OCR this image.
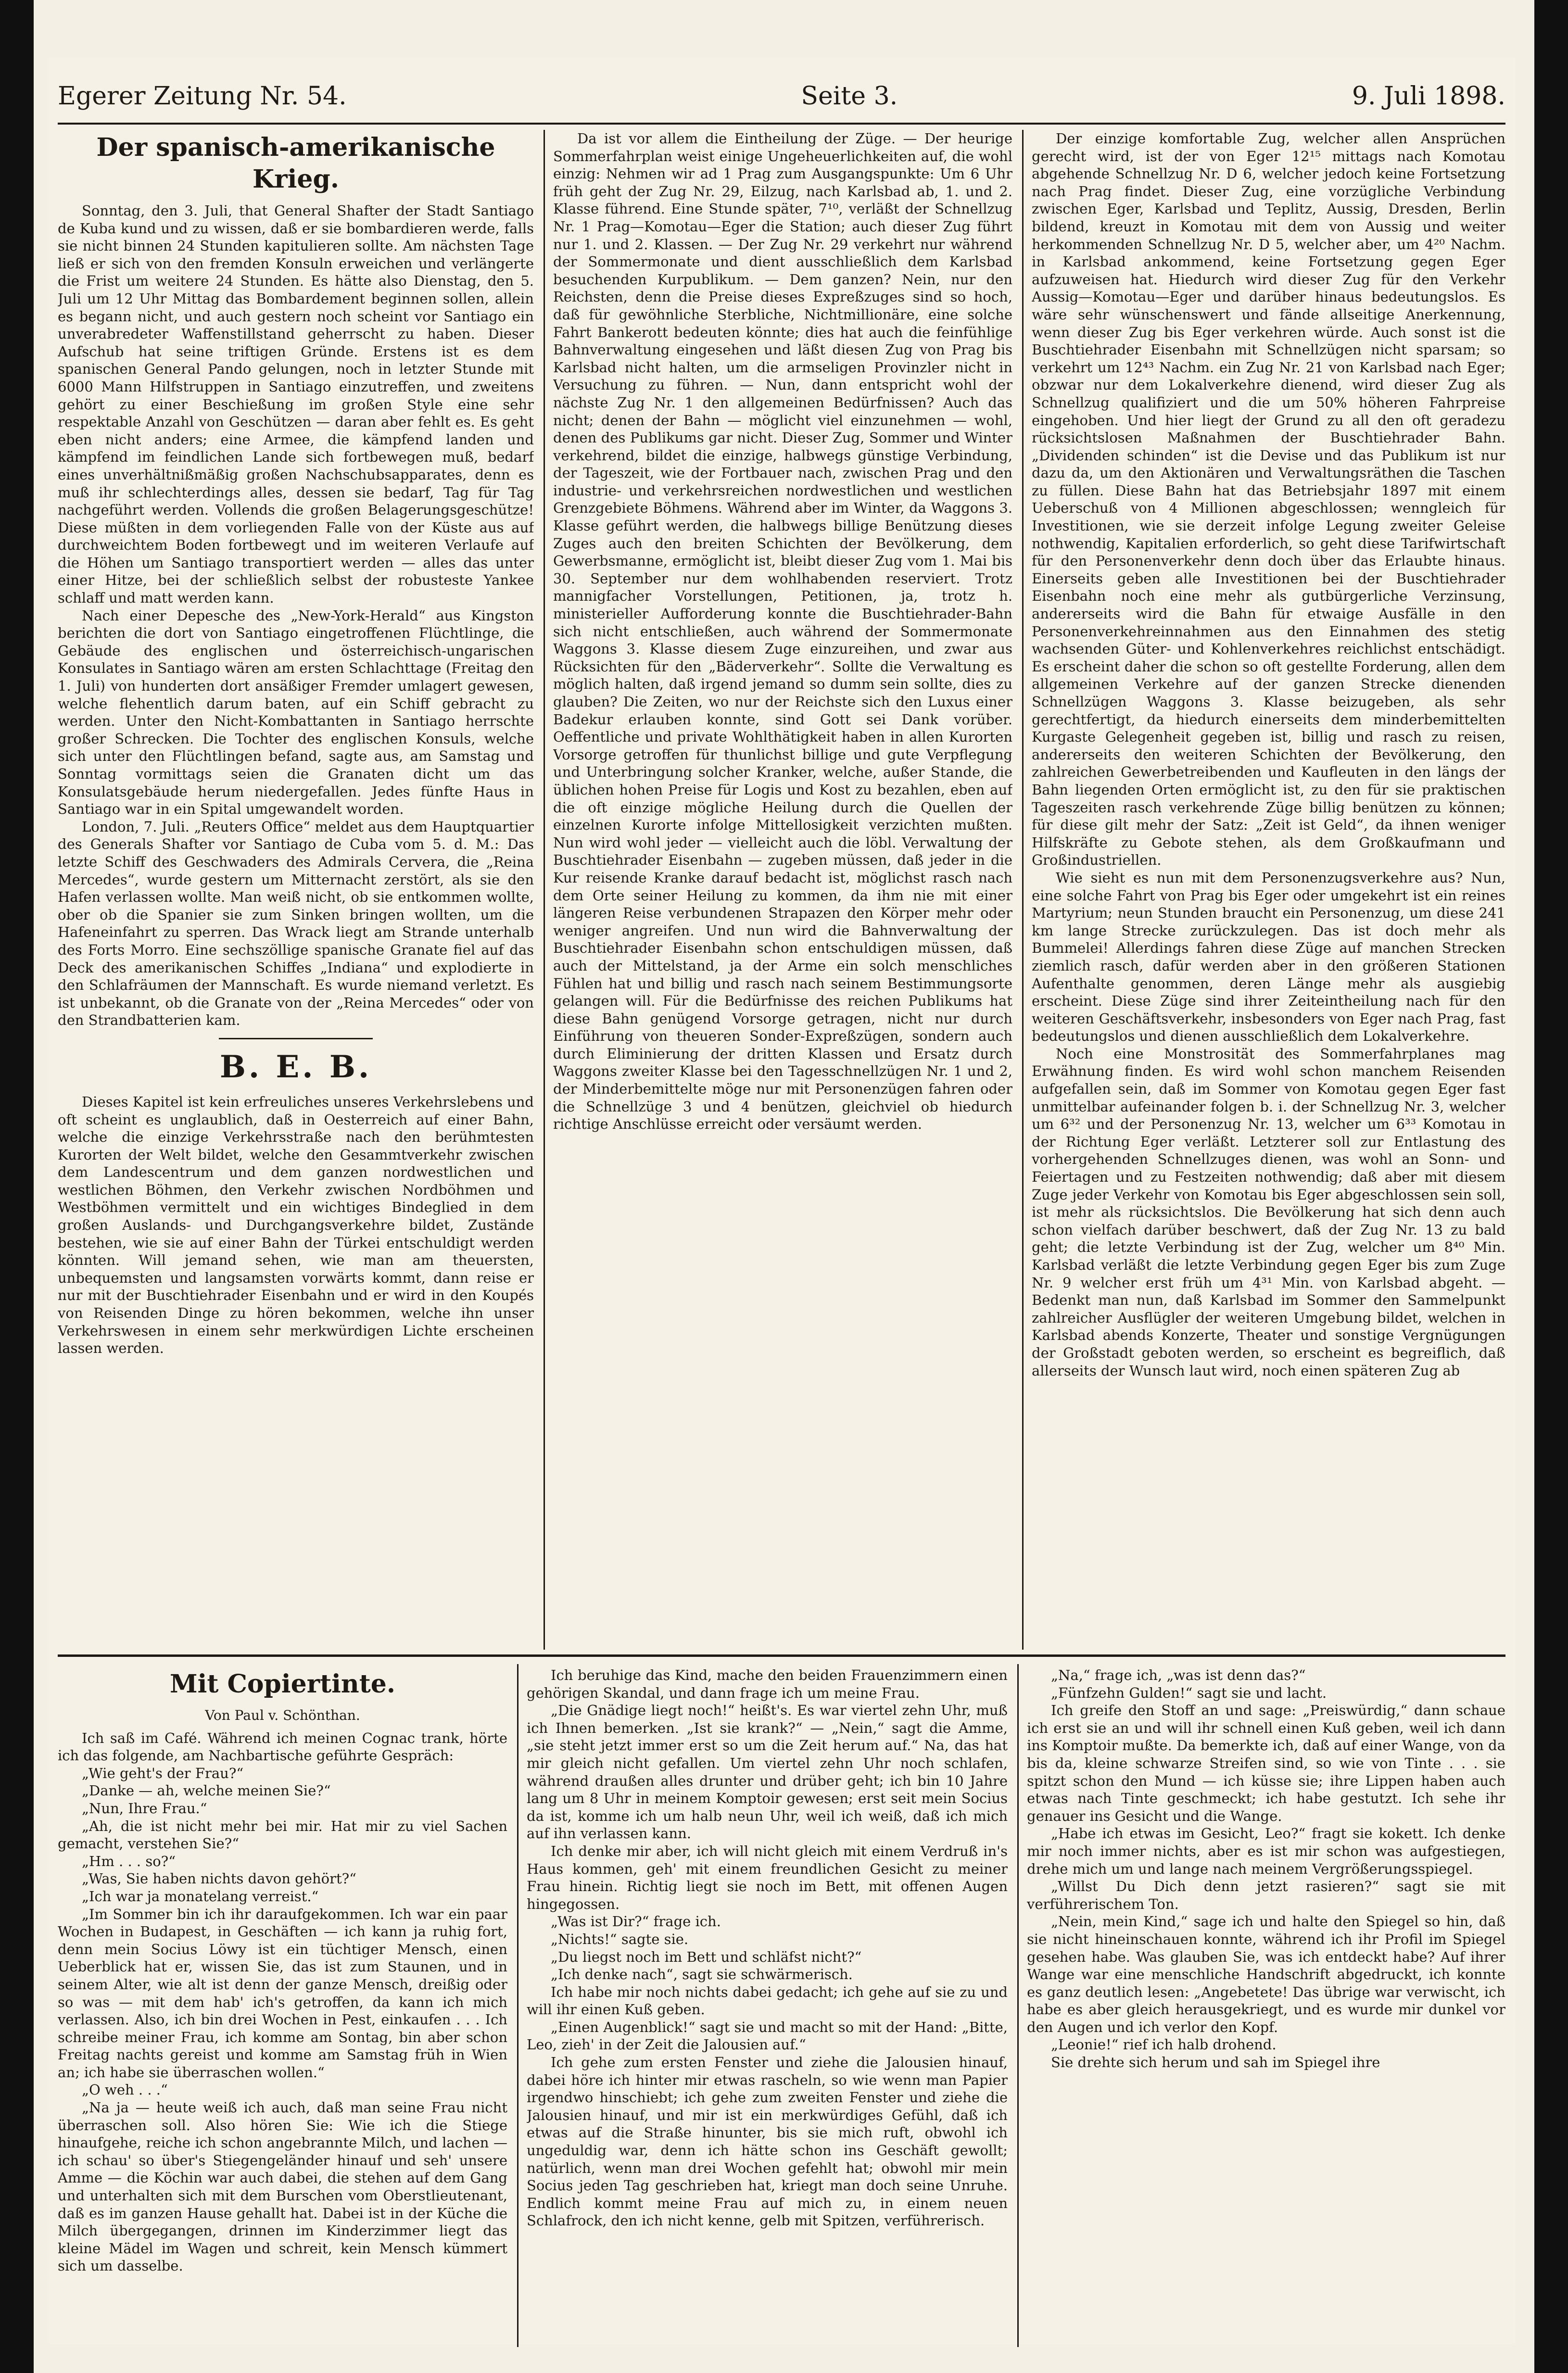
Egerer Zeitung Nr. 54.	Seite 3.	9. Juli 1898.
Der spanisch-amerikanische Krieg.

Sonntag, den 3. Juli, that General Shafter der Stadt Santiago de Kuba kund und zu wissen, daß er sie bombardieren werde, falls sie nicht binnen 24 Stunden kapitulieren sollte. Am nächsten Tage ließ er sich von den fremden Konsuln erweichen und verlängerte die Frist um weitere 24 Stunden. Es hätte also Dienstag, den 5. Juli um 12 Uhr Mittag das Bombardement beginnen sollen, allein es begann nicht, und auch gestern noch scheint vor Santiago ein unverabredeter Waffenstillstand geherrscht zu haben. Dieser Aufschub hat seine triftigen Gründe. Erstens ist es dem spanischen General Pando gelungen, noch in letzter Stunde mit 6000 Mann Hilfstruppen in Santiago einzutreffen, und zweitens gehört zu einer Beschießung im großen Style eine sehr respektable Anzahl von Geschützen — daran aber fehlt es. Es geht eben nicht anders; eine Armee, die kämpfend landen und kämpfend im feindlichen Lande sich fortbewegen muß, bedarf eines unverhältnißmäßig großen Nachschubsapparates, denn es muß ihr schlechterdings alles, dessen sie bedarf, Tag für Tag nachgeführt werden. Vollends die großen Belagerungsgeschütze! Diese müßten in dem vorliegenden Falle von der Küste aus auf durchweichtem Boden fortbewegt und im weiteren Verlaufe auf die Höhen um Santiago transportiert werden — alles das unter einer Hitze, bei der schließlich selbst der robusteste Yankee schlaff und matt werden kann.

Nach einer Depesche des „New-York-Herald“ aus Kingston berichten die dort von Santiago eingetroffenen Flüchtlinge, die Gebäude des englischen und österreichisch-ungarischen Konsulates in Santiago wären am ersten Schlachttage (Freitag den 1. Juli) von hunderten dort ansäßiger Fremder umlagert gewesen, welche flehentlich darum baten, auf ein Schiff gebracht zu werden. Unter den Nicht-Kombattanten in Santiago herrschte großer Schrecken. Die Tochter des englischen Konsuls, welche sich unter den Flüchtlingen befand, sagte aus, am Samstag und Sonntag vormittags seien die Granaten dicht um das Konsulatsgebäude herum niedergefallen. Jedes fünfte Haus in Santiago war in ein Spital umgewandelt worden.

London, 7. Juli. „Reuters Office“ meldet aus dem Hauptquartier des Generals Shafter vor Santiago de Cuba vom 5. d. M.: Das letzte Schiff des Geschwaders des Admirals Cervera, die „Reina Mercedes“, wurde gestern um Mitternacht zerstört, als sie den Hafen verlassen wollte. Man weiß nicht, ob sie entkommen wollte, ober ob die Spanier sie zum Sinken bringen wollten, um die Hafeneinfahrt zu sperren. Das Wrack liegt am Strande unterhalb des Forts Morro. Eine sechszöllige spanische Granate fiel auf das Deck des amerikanischen Schiffes „Indiana“ und explodierte in den Schlafräumen der Mannschaft. Es wurde niemand verletzt. Es ist unbekannt, ob die Granate von der „Reina Mercedes“ oder von den Strandbatterien kam.

B. E. B.

Dieses Kapitel ist kein erfreuliches unseres Verkehrslebens und oft scheint es unglaublich, daß in Oesterreich auf einer Bahn, welche die einzige Verkehrsstraße nach den berühmtesten Kurorten der Welt bildet, welche den Gesammtverkehr zwischen dem Landescentrum und dem ganzen nordwestlichen und westlichen Böhmen, den Verkehr zwischen Nordböhmen und Westböhmen vermittelt und ein wichtiges Bindeglied in dem großen Auslands- und Durchgangsverkehre bildet, Zustände bestehen, wie sie auf einer Bahn der Türkei entschuldigt werden könnten. Will jemand sehen, wie man am theuersten, unbequemsten und langsamsten vorwärts kommt, dann reise er nur mit der Buschtiehrader Eisenbahn und er wird in den Koupés von Reisenden Dinge zu hören bekommen, welche ihn unser Verkehrswesen in einem sehr merkwürdigen Lichte erscheinen lassen werden.

Da ist vor allem die Eintheilung der Züge. — Der heurige Sommerfahrplan weist einige Ungeheuerlichkeiten auf, die wohl einzig: Nehmen wir ad 1 Prag zum Ausgangspunkte: Um 6 Uhr früh geht der Zug Nr. 29, Eilzug, nach Karlsbad ab, 1. und 2. Klasse führend. Eine Stunde später, 7¹⁰, verläßt der Schnellzug Nr. 1 Prag—Komotau—Eger die Station; auch dieser Zug führt nur 1. und 2. Klassen. — Der Zug Nr. 29 verkehrt nur während der Sommermonate und dient ausschließlich dem Karlsbad besuchenden Kurpublikum. — Dem ganzen? Nein, nur den Reichsten, denn die Preise dieses Expreßzuges sind so hoch, daß für gewöhnliche Sterbliche, Nichtmillionäre, eine solche Fahrt Bankerott bedeuten könnte; dies hat auch die feinfühlige Bahnverwaltung eingesehen und läßt diesen Zug von Prag bis Karlsbad nicht halten, um die armseligen Provinzler nicht in Versuchung zu führen. — Nun, dann entspricht wohl der nächste Zug Nr. 1 den allgemeinen Bedürfnissen? Auch das nicht; denen der Bahn — möglicht viel einzunehmen — wohl, denen des Publikums gar nicht. Dieser Zug, Sommer und Winter verkehrend, bildet die einzige, halbwegs günstige Verbindung, der Tageszeit, wie der Fortbauer nach, zwischen Prag und den industrie- und verkehrsreichen nordwestlichen und westlichen Grenzgebiete Böhmens. Während aber im Winter, da Waggons 3. Klasse geführt werden, die halbwegs billige Benützung dieses Zuges auch den breiten Schichten der Bevölkerung, dem Gewerbsmanne, ermöglicht ist, bleibt dieser Zug vom 1. Mai bis 30. September nur dem wohlhabenden reserviert. Trotz mannigfacher Vorstellungen, Petitionen, ja, trotz h. ministerieller Aufforderung konnte die Buschtiehrader-Bahn sich nicht entschließen, auch während der Sommermonate Waggons 3. Klasse diesem Zuge einzureihen, und zwar aus Rücksichten für den „Bäderverkehr“. Sollte die Verwaltung es möglich halten, daß irgend jemand so dumm sein sollte, dies zu glauben? Die Zeiten, wo nur der Reichste sich den Luxus einer Badekur erlauben konnte, sind Gott sei Dank vorüber. Oeffentliche und private Wohlthätigkeit haben in allen Kurorten Vorsorge getroffen für thunlichst billige und gute Verpflegung und Unterbringung solcher Kranker, welche, außer Stande, die üblichen hohen Preise für Logis und Kost zu bezahlen, eben auf die oft einzige mögliche Heilung durch die Quellen der einzelnen Kurorte infolge Mittellosigkeit verzichten mußten. Nun wird wohl jeder — vielleicht auch die löbl. Verwaltung der Buschtiehrader Eisenbahn — zugeben müssen, daß jeder in die Kur reisende Kranke darauf bedacht ist, möglichst rasch nach dem Orte seiner Heilung zu kommen, da ihm nie mit einer längeren Reise verbundenen Strapazen den Körper mehr oder weniger angreifen. Und nun wird die Bahnverwaltung der Buschtiehrader Eisenbahn schon entschuldigen müssen, daß auch der Mittelstand, ja der Arme ein solch menschliches Fühlen hat und billig und rasch nach seinem Bestimmungsorte gelangen will. Für die Bedürfnisse des reichen Publikums hat diese Bahn genügend Vorsorge getragen, nicht nur durch Einführung von theueren Sonder-Expreßzügen, sondern auch durch Eliminierung der dritten Klassen und Ersatz durch Waggons zweiter Klasse bei den Tagesschnellzügen Nr. 1 und 2, der Minderbemittelte möge nur mit Personenzügen fahren oder die Schnellzüge 3 und 4 benützen, gleichviel ob hiedurch richtige Anschlüsse erreicht oder versäumt werden.

Der einzige komfortable Zug, welcher allen Ansprüchen gerecht wird, ist der von Eger 12¹⁵ mittags nach Komotau abgehende Schnellzug Nr. D 6, welcher jedoch keine Fortsetzung nach Prag findet. Dieser Zug, eine vorzügliche Verbindung zwischen Eger, Karlsbad und Teplitz, Aussig, Dresden, Berlin bildend, kreuzt in Komotau mit dem von Aussig und weiter herkommenden Schnellzug Nr. D 5, welcher aber, um 4²⁰ Nachm. in Karlsbad ankommend, keine Fortsetzung gegen Eger aufzuweisen hat. Hiedurch wird dieser Zug für den Verkehr Aussig—Komotau—Eger und darüber hinaus bedeutungslos. Es wäre sehr wünschenswert und fände allseitige Anerkennung, wenn dieser Zug bis Eger verkehren würde. Auch sonst ist die Buschtiehrader Eisenbahn mit Schnellzügen nicht sparsam; so verkehrt um 12⁴³ Nachm. ein Zug Nr. 21 von Karlsbad nach Eger; obzwar nur dem Lokalverkehre dienend, wird dieser Zug als Schnellzug qualifiziert und die um 50% höheren Fahrpreise eingehoben. Und hier liegt der Grund zu all den oft geradezu rücksichtslosen Maßnahmen der Buschtiehrader Bahn. „Dividenden schinden“ ist die Devise und das Publikum ist nur dazu da, um den Aktionären und Verwaltungsräthen die Taschen zu füllen. Diese Bahn hat das Betriebsjahr 1897 mit einem Ueberschuß von 4 Millionen abgeschlossen; wenngleich für Investitionen, wie sie derzeit infolge Legung zweiter Geleise nothwendig, Kapitalien erforderlich, so geht diese Tarifwirtschaft für den Personenverkehr denn doch über das Erlaubte hinaus. Einerseits geben alle Investitionen bei der Buschtiehrader Eisenbahn noch eine mehr als gutbürgerliche Verzinsung, andererseits wird die Bahn für etwaige Ausfälle in den Personenverkehreinnahmen aus den Einnahmen des stetig wachsenden Güter- und Kohlenverkehres reichlichst entschädigt. Es erscheint daher die schon so oft gestellte Forderung, allen dem allgemeinen Verkehre auf der ganzen Strecke dienenden Schnellzügen Waggons 3. Klasse beizugeben, als sehr gerechtfertigt, da hiedurch einerseits dem minderbemittelten Kurgaste Gelegenheit gegeben ist, billig und rasch zu reisen, andererseits den weiteren Schichten der Bevölkerung, den zahlreichen Gewerbetreibenden und Kaufleuten in den längs der Bahn liegenden Orten ermöglicht ist, zu den für sie praktischen Tageszeiten rasch verkehrende Züge billig benützen zu können; für diese gilt mehr der Satz: „Zeit ist Geld“, da ihnen weniger Hilfskräfte zu Gebote stehen, als dem Großkaufmann und Großindustriellen.

Wie sieht es nun mit dem Personenzugsverkehre aus? Nun, eine solche Fahrt von Prag bis Eger oder umgekehrt ist ein reines Martyrium; neun Stunden braucht ein Personenzug, um diese 241 km lange Strecke zurückzulegen. Das ist doch mehr als Bummelei! Allerdings fahren diese Züge auf manchen Strecken ziemlich rasch, dafür werden aber in den größeren Stationen Aufenthalte genommen, deren Länge mehr als ausgiebig erscheint. Diese Züge sind ihrer Zeiteintheilung nach für den weiteren Geschäftsverkehr, insbesonders von Eger nach Prag, fast bedeutungslos und dienen ausschließlich dem Lokalverkehre.

Noch eine Monstrosität des Sommerfahrplanes mag Erwähnung finden. Es wird wohl schon manchem Reisenden aufgefallen sein, daß im Sommer von Komotau gegen Eger fast unmittelbar aufeinander folgen b. i. der Schnellzug Nr. 3, welcher um 6³² und der Personenzug Nr. 13, welcher um 6³³ Komotau in der Richtung Eger verläßt. Letzterer soll zur Entlastung des vorhergehenden Schnellzuges dienen, was wohl an Sonn- und Feiertagen und zu Festzeiten nothwendig; daß aber mit diesem Zuge jeder Verkehr von Komotau bis Eger abgeschlossen sein soll, ist mehr als rücksichtslos. Die Bevölkerung hat sich denn auch schon vielfach darüber beschwert, daß der Zug Nr. 13 zu bald geht; die letzte Verbindung ist der Zug, welcher um 8⁴⁰ Min. Karlsbad verläßt die letzte Verbindung gegen Eger bis zum Zuge Nr. 9 welcher erst früh um 4³¹ Min. von Karlsbad abgeht. — Bedenkt man nun, daß Karlsbad im Sommer den Sammelpunkt zahlreicher Ausflügler der weiteren Umgebung bildet, welchen in Karlsbad abends Konzerte, Theater und sonstige Vergnügungen der Großstadt geboten werden, so erscheint es begreiflich, daß allerseits der Wunsch laut wird, noch einen späteren Zug ab

Mit Copiertinte.
Von Paul v. Schönthan.

Ich saß im Café. Während ich meinen Cognac trank, hörte ich das folgende, am Nachbartische geführte Gespräch:

„Wie geht's der Frau?“

„Danke — ah, welche meinen Sie?“

„Nun, Ihre Frau.“

„Ah, die ist nicht mehr bei mir. Hat mir zu viel Sachen gemacht, verstehen Sie?“

„Hm . . . so?“

„Was, Sie haben nichts davon gehört?“

„Ich war ja monatelang verreist.“

„Im Sommer bin ich ihr daraufgekommen. Ich war ein paar Wochen in Budapest, in Geschäften — ich kann ja ruhig fort, denn mein Socius Löwy ist ein tüchtiger Mensch, einen Ueberblick hat er, wissen Sie, das ist zum Staunen, und in seinem Alter, wie alt ist denn der ganze Mensch, dreißig oder so was — mit dem hab' ich's getroffen, da kann ich mich verlassen. Also, ich bin drei Wochen in Pest, einkaufen . . . Ich schreibe meiner Frau, ich komme am Sontag, bin aber schon Freitag nachts gereist und komme am Samstag früh in Wien an; ich habe sie überraschen wollen.“

„O weh . . .“

„Na ja — heute weiß ich auch, daß man seine Frau nicht überraschen soll. Also hören Sie: Wie ich die Stiege hinaufgehe, reiche ich schon angebrannte Milch, und lachen — ich schau' so über's Stiegengeländer hinauf und seh' unsere Amme — die Köchin war auch dabei, die stehen auf dem Gang und unterhalten sich mit dem Burschen vom Oberstlieutenant, daß es im ganzen Hause gehallt hat. Dabei ist in der Küche die Milch übergegangen, drinnen im Kinderzimmer liegt das kleine Mädel im Wagen und schreit, kein Mensch kümmert sich um dasselbe.

Ich beruhige das Kind, mache den beiden Frauenzimmern einen gehörigen Skandal, und dann frage ich um meine Frau.

„Die Gnädige liegt noch!“ heißt's. Es war viertel zehn Uhr, muß ich Ihnen bemerken. „Ist sie krank?“ — „Nein,“ sagt die Amme, „sie steht jetzt immer erst so um die Zeit herum auf.“ Na, das hat mir gleich nicht gefallen. Um viertel zehn Uhr noch schlafen, während draußen alles drunter und drüber geht; ich bin 10 Jahre lang um 8 Uhr in meinem Komptoir gewesen; erst seit mein Socius da ist, komme ich um halb neun Uhr, weil ich weiß, daß ich mich auf ihn verlassen kann.

Ich denke mir aber, ich will nicht gleich mit einem Verdruß in's Haus kommen, geh' mit einem freundlichen Gesicht zu meiner Frau hinein. Richtig liegt sie noch im Bett, mit offenen Augen hingegossen.

„Was ist Dir?“ frage ich.

„Nichts!“ sagte sie.

„Du liegst noch im Bett und schläfst nicht?“

„Ich denke nach“, sagt sie schwärmerisch.

Ich habe mir noch nichts dabei gedacht; ich gehe auf sie zu und will ihr einen Kuß geben.

„Einen Augenblick!“ sagt sie und macht so mit der Hand: „Bitte, Leo, zieh' in der Zeit die Jalousien auf.“

Ich gehe zum ersten Fenster und ziehe die Jalousien hinauf, dabei höre ich hinter mir etwas rascheln, so wie wenn man Papier irgendwo hinschiebt; ich gehe zum zweiten Fenster und ziehe die Jalousien hinauf, und mir ist ein merkwürdiges Gefühl, daß ich etwas auf die Straße hinunter, bis sie mich ruft, obwohl ich ungeduldig war, denn ich hätte schon ins Geschäft gewollt; natürlich, wenn man drei Wochen gefehlt hat; obwohl mir mein Socius jeden Tag geschrieben hat, kriegt man doch seine Unruhe. Endlich kommt meine Frau auf mich zu, in einem neuen Schlafrock, den ich nicht kenne, gelb mit Spitzen, verführerisch.

„Na,“ frage ich, „was ist denn das?“

„Fünfzehn Gulden!“ sagt sie und lacht.

Ich greife den Stoff an und sage: „Preiswürdig,“ dann schaue ich erst sie an und will ihr schnell einen Kuß geben, weil ich dann ins Komptoir mußte. Da bemerkte ich, daß auf einer Wange, von da bis da, kleine schwarze Streifen sind, so wie von Tinte . . . sie spitzt schon den Mund — ich küsse sie; ihre Lippen haben auch etwas nach Tinte geschmeckt; ich habe gestutzt. Ich sehe ihr genauer ins Gesicht und die Wange.

„Habe ich etwas im Gesicht, Leo?“ fragt sie kokett. Ich denke mir noch immer nichts, aber es ist mir schon was aufgestiegen, drehe mich um und lange nach meinem Vergrößerungsspiegel.

„Willst Du Dich denn jetzt rasieren?“ sagt sie mit verführerischem Ton.

„Nein, mein Kind,“ sage ich und halte den Spiegel so hin, daß sie nicht hineinschauen konnte, während ich ihr Profil im Spiegel gesehen habe. Was glauben Sie, was ich entdeckt habe? Auf ihrer Wange war eine menschliche Handschrift abgedruckt, ich konnte es ganz deutlich lesen: „Angebetete! Das übrige war verwischt, ich habe es aber gleich herausgekriegt, und es wurde mir dunkel vor den Augen und ich verlor den Kopf.

„Leonie!“ rief ich halb drohend.

Sie drehte sich herum und sah im Spiegel ihre
